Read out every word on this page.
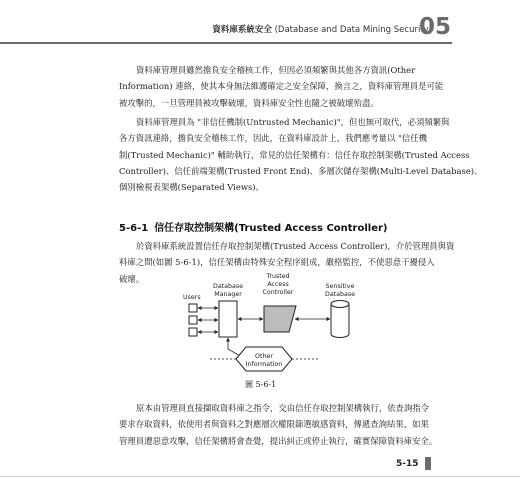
資料庫系統安全 (Database and Data Mining Security)
05
資料庫管理員雖然擔負安全稽核工作，但因必須頻繁與其他各方資訊(Other
Information) 連絡，使其本身無法維護確定之安全保障，換言之，資料庫管理員是可能
被攻擊的，一旦管理員被攻擊破壞，資料庫安全性也隨之被破壞殆盡。
資料庫管理員為 "非信任機制(Untrusted Mechanic)"，但也無可取代，必須頻繁與
各方資訊連絡，擔負安全稽核工作，因此，在資料庫設計上，我們應考量以 "信任機
制(Trusted Mechanic)" 輔助執行，常見的信任架構有：信任存取控制架構(Trusted Access
Controller)、信任前端架構(Trusted Front End)、多層次儲存架構(Multi-Level Database)、
個別檢視表架構(Separated Views)。
5-6-1 信任存取控制架構(Trusted Access Controller)
於資料庫系統設置信任存取控制架構(Trusted Access Controller)，介於管理員與資
料庫之間(如圖 5-6-1)，信任架構由特殊安全程序組成，嚴格監控，不使惡意干擾侵入
破壞。
Users
Database
Manager
Trusted
Access
Controller
Sensitive
Database
Other
Information
圖 5-6-1
原本由管理員直接擷取資料庫之指令，交由信任存取控制架構執行，依查詢指令
要求存取資料，依使用者與資料之對應層次權限篩選敏感資料，傳遞查詢結果，如果
管理員遭惡意攻擊，信任架構將會查覺，提出糾正或停止執行，確實保障資料庫安全。
5-15
